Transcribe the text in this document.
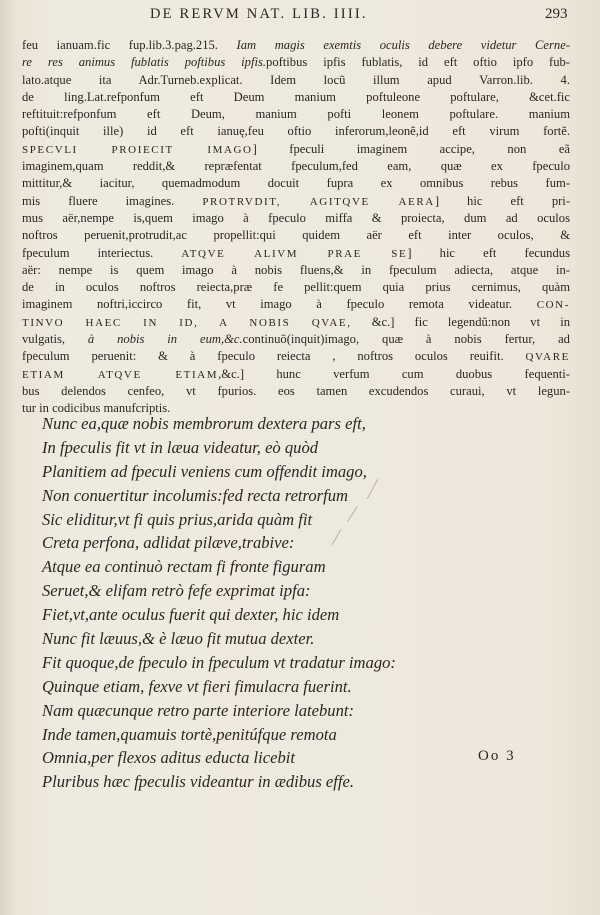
DE RERVM NAT. LIB. IIII.	293
feu ianuam.fic fup.lib.3.pag.215. Iam magis exemtis oculis debere videtur Cerne-
re res animus fublatis poftibus ipfis.poftibus ipfis fublatis, id eft oftio ipfo fub-
lato.atque ita Adr.Turneb.explicat. Idem locũ illum apud Varron.lib. 4.
de ling.Lat.refponfum eft Deum manium poftuleone poftulare, &cet.fic
reftituit:refponfum eft Deum, manium pofti leonem poftulare. manium
pofti(inquit ille) id eft ianuę,feu oftio inferorum,leonẽ,id eft virum fortẽ.
SPECVLI PROIECIT IMAGO] fpeculi imaginem accipe, non eã
imaginem,quam reddit,& repræfentat fpeculum,fed eam, quæ ex fpeculo
mittitur,& iacitur, quemadmodum docuit fupra ex omnibus rebus fum-
mis fluere imagines. PROTRVDIT, AGITQVE AERA] hic eft pri-
mus aër,nempe is,quem imago à fpeculo miffa & proiecta, dum ad oculos
noftros peruenit,protrudit,ac propellit:qui quidem aër eft inter oculos, &
fpeculum interiectus. ATQVE ALIVM PRAE SE] hic eft fecundus
aër: nempe is quem imago à nobis fluens,& in fpeculum adiecta, atque in-
de in oculos noftros reiecta,præ fe pellit:quem quia prius cernimus, quàm
imaginem noftri,iccirco fit, vt imago à fpeculo remota videatur. CON-
TINVO HAEC IN ID, A NOBIS QVAE, &c.] fic legendũ:non vt in
vulgatis, à nobis in eum,&c.continuõ(inquit)imago, quæ à nobis fertur, ad
fpeculum peruenit: & à fpeculo reiecta , noftros oculos reuifit. QVARE
ETIAM ATQVE ETIAM,&c.] hunc verfum cum duobus fequenti-
bus delendos cenfeo, vt fpurios. eos tamen excudendos curaui, vt legun-
tur in codicibus manufcriptis.
Nunc ea,quæ nobis membrorum dextera pars eft,
In fpeculis fit vt in læua videatur, eò quòd
Planitiem ad fpeculi veniens cum offendit imago,
Non conuertitur incolumis:fed recta retrorfum
Sic eliditur,vt fi quis prius,arida quàm fit
Creta perfona, adlidat pilæve,trabive:
Atque ea continuò rectam fi fronte figuram
Seruet,& elifam retrò fefe exprimat ipfa:
Fiet,vt,ante oculus fuerit qui dexter, hic idem
Nunc fit læuus,& è læuo fit mutua dexter.
Fit quoque,de fpeculo in fpeculum vt tradatur imago:
Quinque etiam, fexve vt fieri fimulacra fuerint.
Nam quæcunque retro parte interiore latebunt:
Inde tamen,quamuis tortè,penitúfque remota
Omnia,per flexos aditus educta licebit
Pluribus hæc fpeculis videantur in ædibus effe.
Oo 3
